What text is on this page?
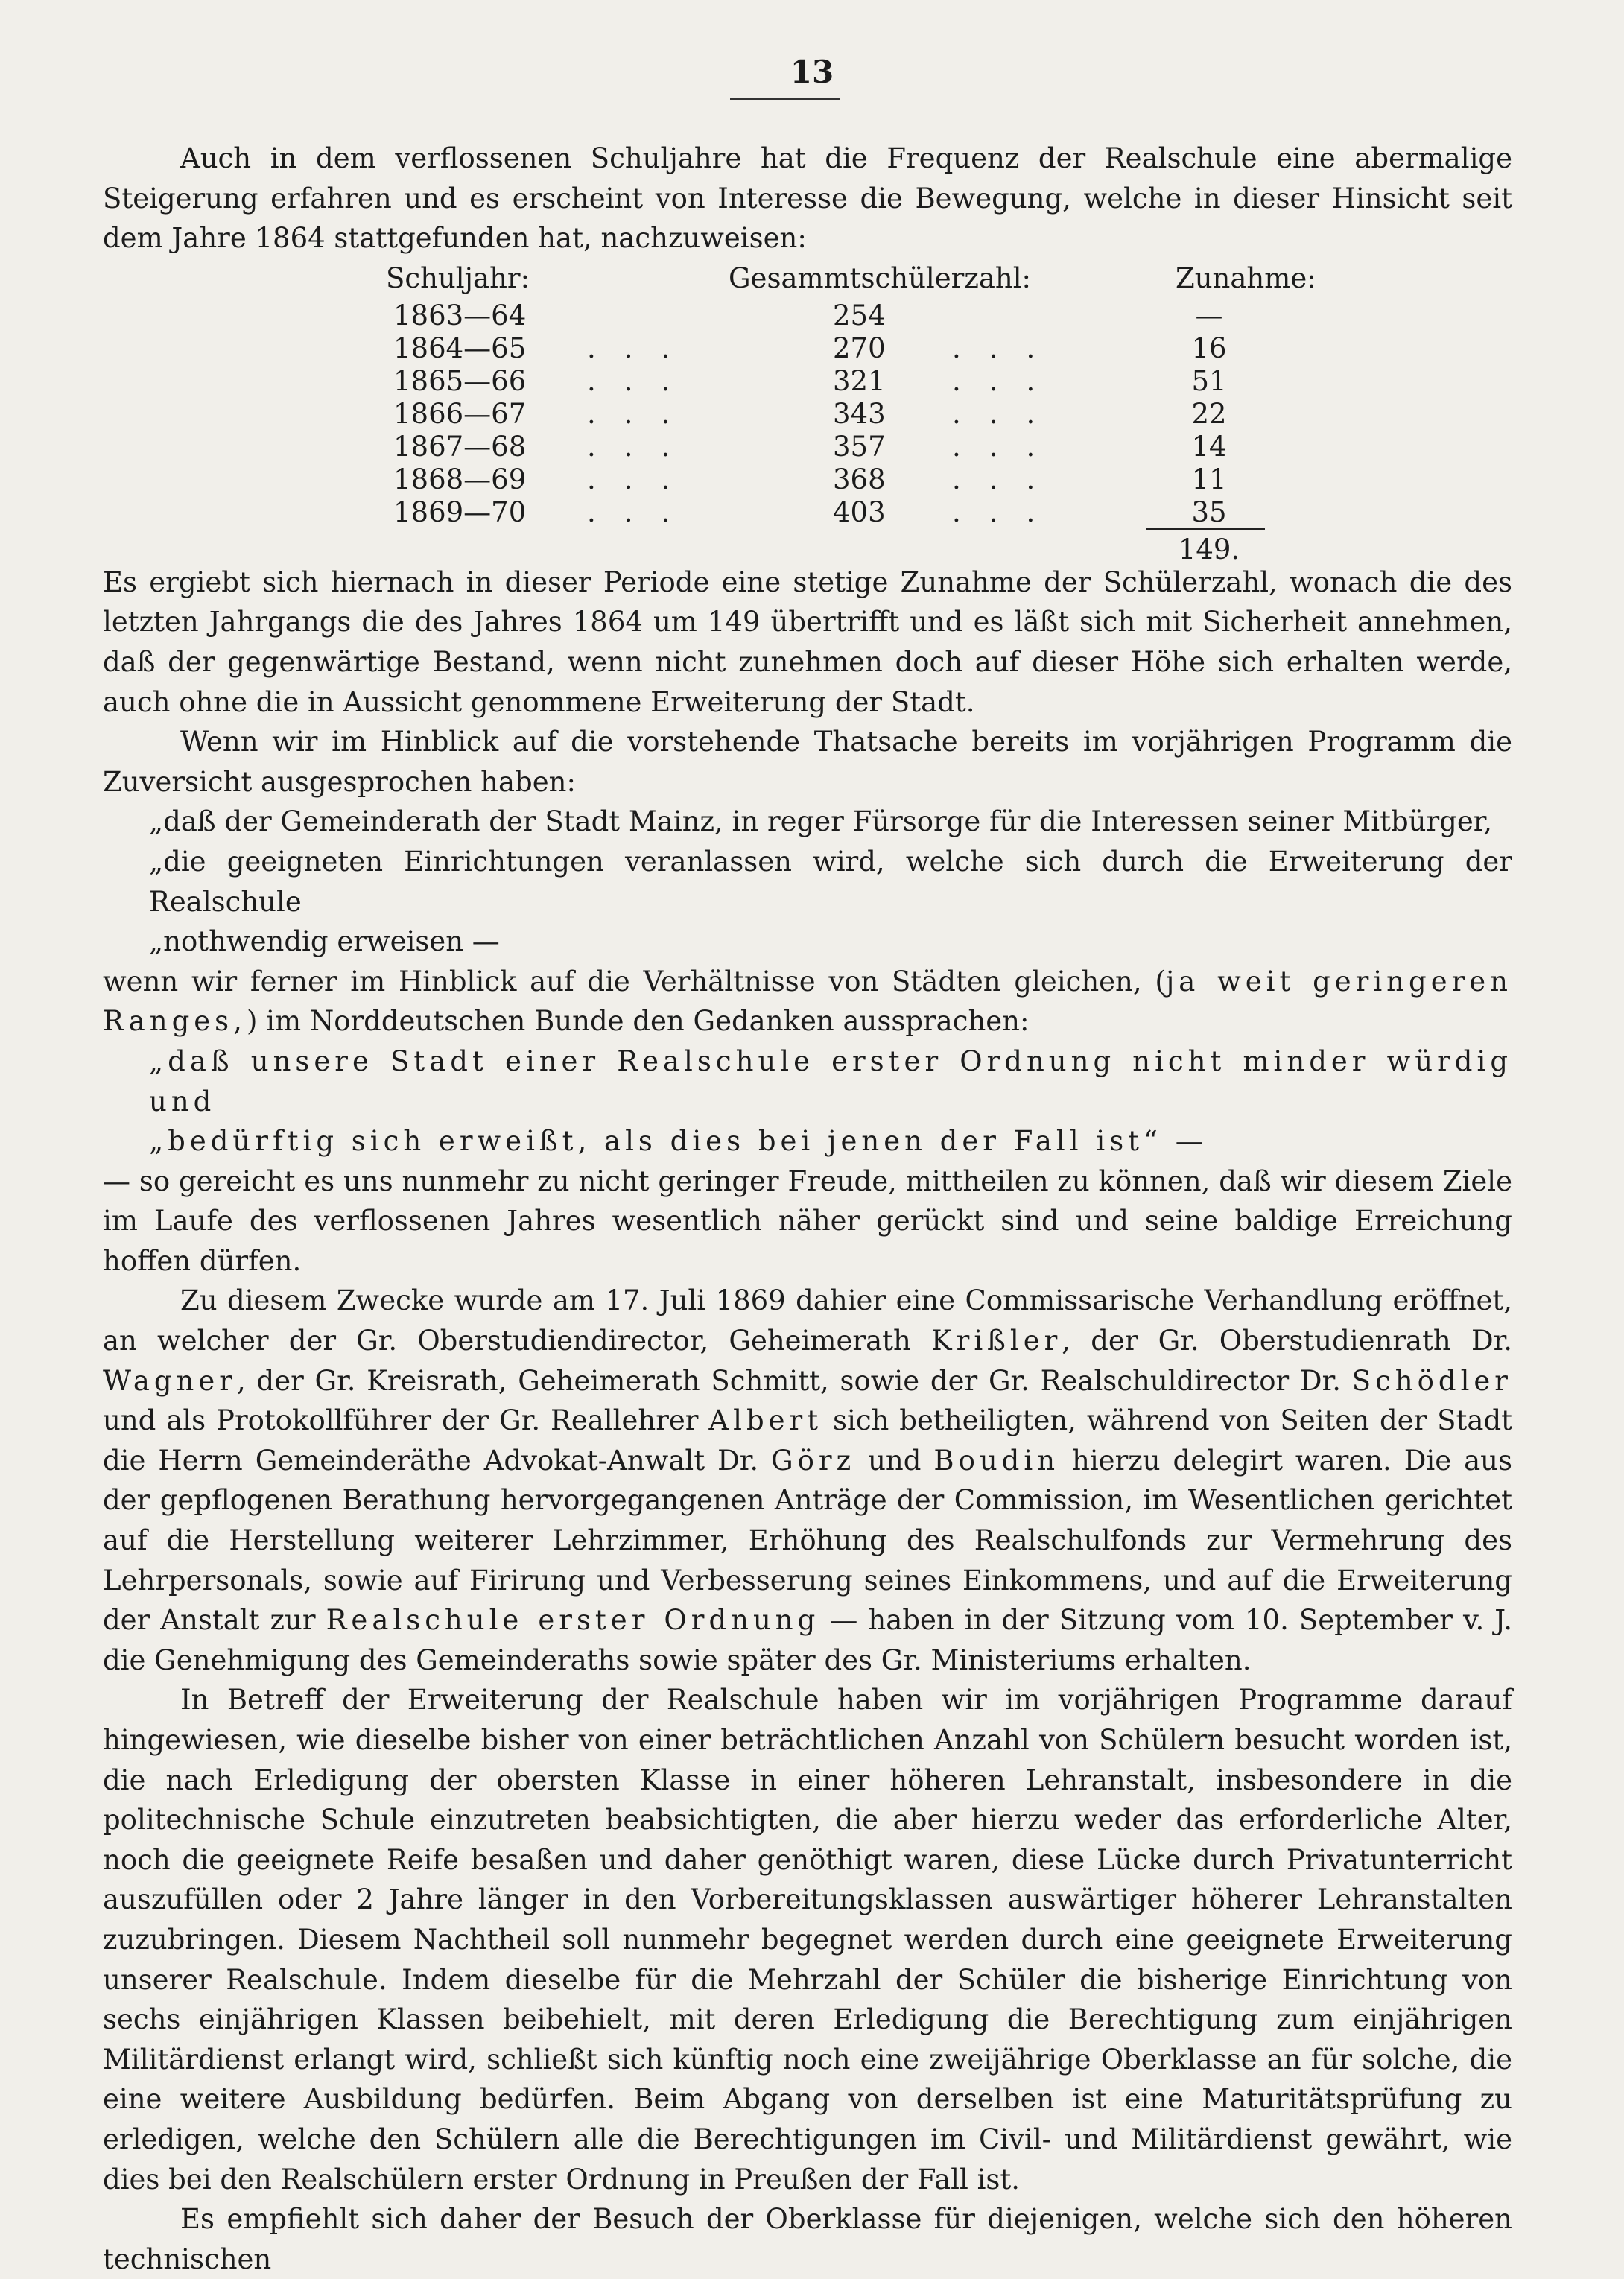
13

Auch in dem verflossenen Schuljahre hat die Frequenz der Realschule eine abermalige Steigerung erfahren und es erscheint von Interesse die Bewegung, welche in dieser Hinsicht seit dem Jahre 1864 stattgefunden hat, nachzuweisen:

Schuljahr:	Gesammtschülerzahl:	Zunahme:
1863—64	254	—
1864—65 ...	270 ...	16
1865—66 ...	321 ...	51
1866—67 ...	343 ...	22
1867—68 ...	357 ...	14
1868—69 ...	368 ...	11
1869—70 ...	403 ...	35
149.

Es ergiebt sich hiernach in dieser Periode eine stetige Zunahme der Schülerzahl, wonach die des letzten Jahrgangs die des Jahres 1864 um 149 übertrifft und es läßt sich mit Sicherheit annehmen, daß der gegenwärtige Bestand, wenn nicht zunehmen doch auf dieser Höhe sich erhalten werde, auch ohne die in Aussicht genommene Erweiterung der Stadt.

Wenn wir im Hinblick auf die vorstehende Thatsache bereits im vorjährigen Programm die Zuversicht ausgesprochen haben:

„daß der Gemeinderath der Stadt Mainz, in reger Fürsorge für die Interessen seiner Mitbürger,

„die geeigneten Einrichtungen veranlassen wird, welche sich durch die Erweiterung der Realschule

„nothwendig erweisen —

wenn wir ferner im Hinblick auf die Verhältnisse von Städten gleichen, (ja weit geringeren Ranges,) im Norddeutschen Bunde den Gedanken aussprachen:

„daß unsere Stadt einer Realschule erster Ordnung nicht minder würdig und

„bedürftig sich erweißt, als dies bei jenen der Fall ist“ —

— so gereicht es uns nunmehr zu nicht geringer Freude, mittheilen zu können, daß wir diesem Ziele im Laufe des verflossenen Jahres wesentlich näher gerückt sind und seine baldige Erreichung hoffen dürfen.

Zu diesem Zwecke wurde am 17. Juli 1869 dahier eine Commissarische Verhandlung eröffnet, an welcher der Gr. Oberstudiendirector, Geheimerath Krißler, der Gr. Oberstudienrath Dr. Wagner, der Gr. Kreisrath, Geheimerath Schmitt, sowie der Gr. Realschuldirector Dr. Schödler und als Protokollführer der Gr. Reallehrer Albert sich betheiligten, während von Seiten der Stadt die Herrn Gemeinderäthe Advokat-Anwalt Dr. Görz und Boudin hierzu delegirt waren. Die aus der gepflogenen Berathung hervorgegangenen Anträge der Commission, im Wesentlichen gerichtet auf die Herstellung weiterer Lehrzimmer, Erhöhung des Realschulfonds zur Vermehrung des Lehrpersonals, sowie auf Firirung und Verbesserung seines Einkommens, und auf die Erweiterung der Anstalt zur Realschule erster Ordnung — haben in der Sitzung vom 10. September v. J. die Genehmigung des Gemeinderaths sowie später des Gr. Ministeriums erhalten.

In Betreff der Erweiterung der Realschule haben wir im vorjährigen Programme darauf hingewiesen, wie dieselbe bisher von einer beträchtlichen Anzahl von Schülern besucht worden ist, die nach Erledigung der obersten Klasse in einer höheren Lehranstalt, insbesondere in die politechnische Schule einzutreten beabsichtigten, die aber hierzu weder das erforderliche Alter, noch die geeignete Reife besaßen und daher genöthigt waren, diese Lücke durch Privatunterricht auszufüllen oder 2 Jahre länger in den Vorbereitungsklassen auswärtiger höherer Lehranstalten zuzubringen. Diesem Nachtheil soll nunmehr begegnet werden durch eine geeignete Erweiterung unserer Realschule. Indem dieselbe für die Mehrzahl der Schüler die bisherige Einrichtung von sechs einjährigen Klassen beibehielt, mit deren Erledigung die Berechtigung zum einjährigen Militärdienst erlangt wird, schließt sich künftig noch eine zweijährige Oberklasse an für solche, die eine weitere Ausbildung bedürfen. Beim Abgang von derselben ist eine Maturitätsprüfung zu erledigen, welche den Schülern alle die Berechtigungen im Civil- und Militärdienst gewährt, wie dies bei den Realschülern erster Ordnung in Preußen der Fall ist.

Es empfiehlt sich daher der Besuch der Oberklasse für diejenigen, welche sich den höheren technischen
